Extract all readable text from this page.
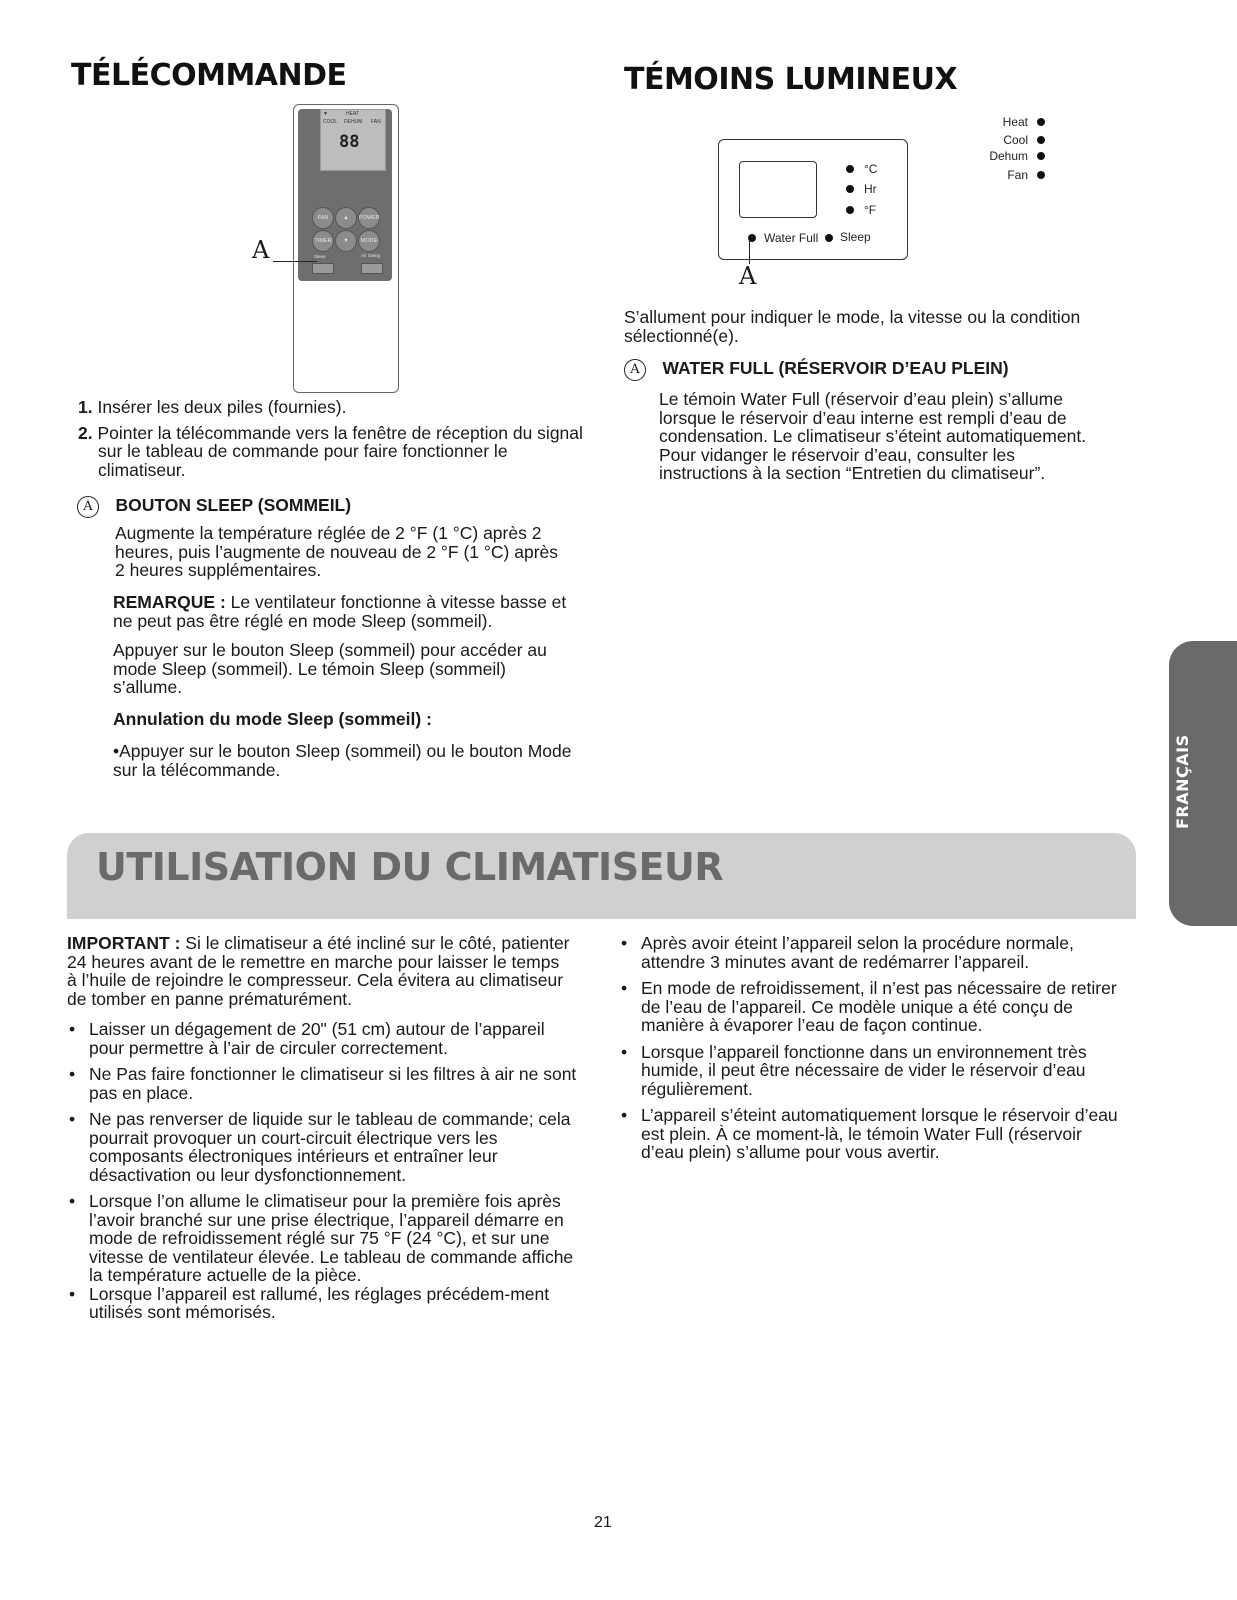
TÉLÉCOMMANDE
▼	HEAT
COOL DEHUM FAN
88
FAN	▲	POWER
TIMER	▼	MODE
Sleep	Air Swing
A
1. Insérer les deux piles (fournies).
2. Pointer la télécommande vers la fenêtre de réception du signal sur le tableau de commande pour faire fonctionner le climatiseur.
A BOUTON SLEEP (SOMMEIL)

Augmente la température réglée de 2 °F (1 °C) après 2 heures, puis l’augmente de nouveau de 2 °F (1 °C) après 2 heures supplémentaires.

REMARQUE : Le ventilateur fonctionne à vitesse basse et ne peut pas être réglé en mode Sleep (sommeil).

Appuyer sur le bouton Sleep (sommeil) pour accéder au mode Sleep (sommeil). Le témoin Sleep (sommeil) s’allume.

Annulation du mode Sleep (sommeil) :

•Appuyer sur le bouton Sleep (sommeil) ou le bouton Mode sur la télécommande.

TÉMOINS LUMINEUX
Heat
Cool
Dehum
Fan
°C
Hr
°F
Water Full Sleep
A

S’allument pour indiquer le mode, la vitesse ou la condition sélectionné(e).

A WATER FULL (RÉSERVOIR D’EAU PLEIN)

Le témoin Water Full (réservoir d’eau plein) s’allume lorsque le réservoir d’eau interne est rempli d’eau de condensation. Le climatiseur s’éteint automatiquement. Pour vidanger le réservoir d’eau, consulter les instructions à la section “Entretien du climatiseur”.

FRANÇAIS
UTILISATION DU CLIMATISEUR

IMPORTANT : Si le climatiseur a été incliné sur le côté, patienter 24 heures avant de le remettre en marche pour laisser le temps à l’huile de rejoindre le compresseur. Cela évitera au climatiseur de tomber en panne prématurément.

• Laisser un dégagement de 20" (51 cm) autour de l’appareil pour permettre à l’air de circuler correctement.
• Ne Pas faire fonctionner le climatiseur si les filtres à air ne sont pas en place.
• Ne pas renverser de liquide sur le tableau de commande; cela pourrait provoquer un court-circuit électrique vers les composants électroniques intérieurs et entraîner leur désactivation ou leur dysfonctionnement.
• Lorsque l’on allume le climatiseur pour la première fois après l’avoir branché sur une prise électrique, l’appareil démarre en mode de refroidissement réglé sur 75 °F (24 °C), et sur une vitesse de ventilateur élevée. Le tableau de commande affiche la température actuelle de la pièce.
• Lorsque l’appareil est rallumé, les réglages précédem-ment utilisés sont mémorisés.
• Après avoir éteint l’appareil selon la procédure normale, attendre 3 minutes avant de redémarrer l’appareil.
• En mode de refroidissement, il n’est pas nécessaire de retirer de l’eau de l’appareil. Ce modèle unique a été conçu de manière à évaporer l’eau de façon continue.
• Lorsque l’appareil fonctionne dans un environnement très humide, il peut être nécessaire de vider le réservoir d’eau régulièrement.
• L’appareil s’éteint automatiquement lorsque le réservoir d’eau est plein. À ce moment-là, le témoin Water Full (réservoir d’eau plein) s’allume pour vous avertir.
21
